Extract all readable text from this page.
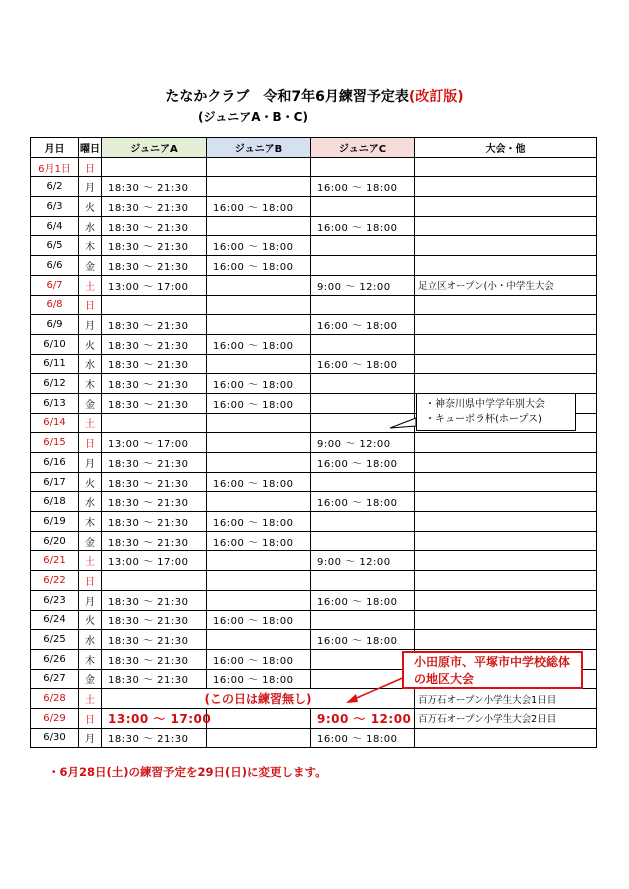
たなかクラブ　令和7年6月練習予定表(改訂版)
(ジュニアA・B・C)
月日	曜日	ジュニアA	ジュニアB	ジュニアC	大会・他
6月1日	日				
6/2	月	18:30 ～ 21:30		16:00 ～ 18:00	
6/3	火	18:30 ～ 21:30	16:00 ～ 18:00		
6/4	水	18:30 ～ 21:30		16:00 ～ 18:00	
6/5	木	18:30 ～ 21:30	16:00 ～ 18:00		
6/6	金	18:30 ～ 21:30	16:00 ～ 18:00		
6/7	土	13:00 ～ 17:00		9:00 ～ 12:00	足立区オープン(小・中学生大会
6/8	日				
6/9	月	18:30 ～ 21:30		16:00 ～ 18:00	
6/10	火	18:30 ～ 21:30	16:00 ～ 18:00		
6/11	水	18:30 ～ 21:30		16:00 ～ 18:00	
6/12	木	18:30 ～ 21:30	16:00 ～ 18:00		
6/13	金	18:30 ～ 21:30	16:00 ～ 18:00		
6/14	土				
6/15	日	13:00 ～ 17:00		9:00 ～ 12:00	
6/16	月	18:30 ～ 21:30		16:00 ～ 18:00	
6/17	火	18:30 ～ 21:30	16:00 ～ 18:00		
6/18	水	18:30 ～ 21:30		16:00 ～ 18:00	
6/19	木	18:30 ～ 21:30	16:00 ～ 18:00		
6/20	金	18:30 ～ 21:30	16:00 ～ 18:00		
6/21	土	13:00 ～ 17:00		9:00 ～ 12:00	
6/22	日				
6/23	月	18:30 ～ 21:30		16:00 ～ 18:00	
6/24	火	18:30 ～ 21:30	16:00 ～ 18:00		
6/25	水	18:30 ～ 21:30		16:00 ～ 18:00	
6/26	木	18:30 ～ 21:30	16:00 ～ 18:00		
6/27	金	18:30 ～ 21:30	16:00 ～ 18:00		
6/28	土	(この日は練習無し)			百万石オープン小学生大会1日目
6/29	日	13:00 ～ 17:00		9:00 ～ 12:00	百万石オープン小学生大会2日目
6/30	月	18:30 ～ 21:30		16:00 ～ 18:00	
・神奈川県中学学年別大会
・キューボラ杯(ホープス)
小田原市、平塚市中学校総体
の地区大会
・6月28日(土)の練習予定を29日(日)に変更します。
